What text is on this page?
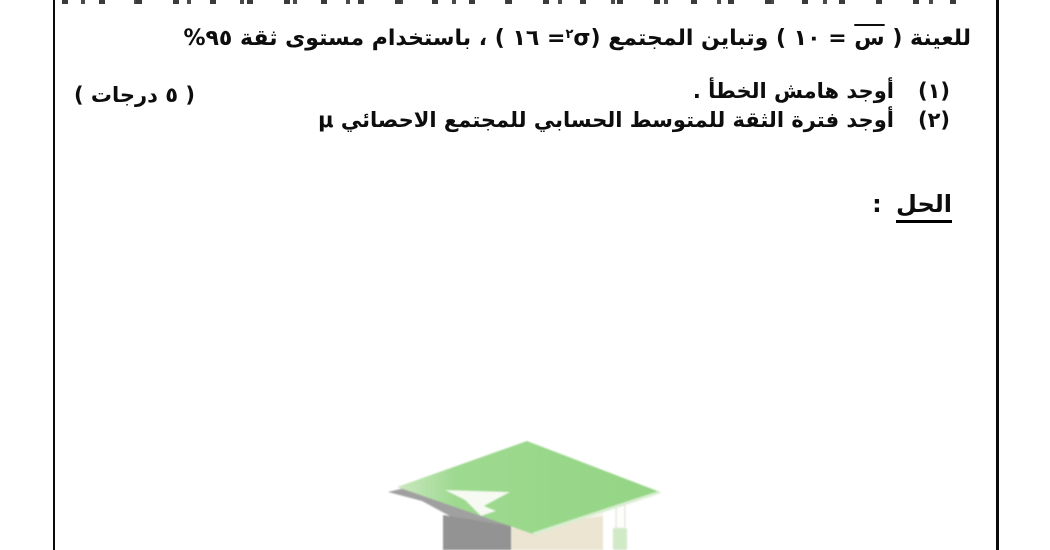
للعينة ( س = ١٠ ) وتباين المجتمع ($^٢$σ= ١٦ ) ، باستخدام مستوى ثقة ٩٥%
(١)
أوجد هامش الخطأ .
(٢)
أوجد فترة الثقة للمتوسط الحسابي للمجتمع الاحصائي μ
( ٥ درجات )
الحل :
